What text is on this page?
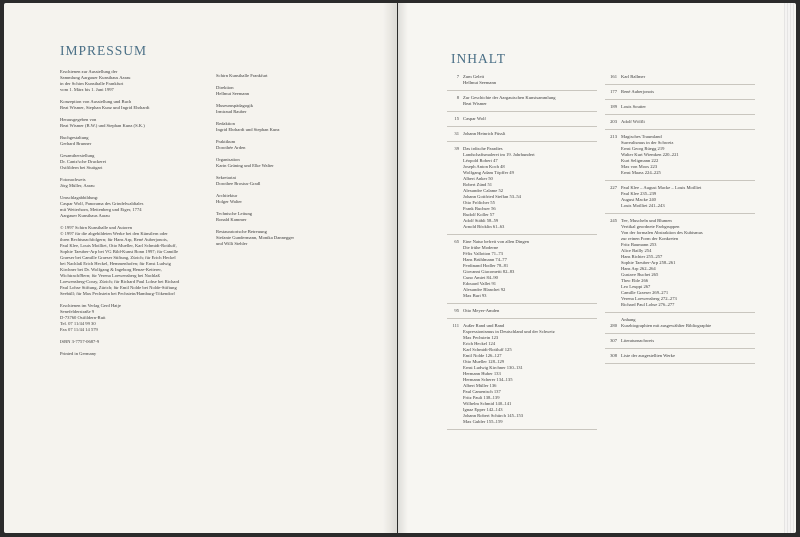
IMPRESSUM
Erschienen zur Ausstellung der
Sammlung Aargauer Kunsthaus Aarau
in der Schirn Kunsthalle Frankfurt
vom 1. März bis 1. Juni 1997
Konzeption von Ausstellung und Buch
Beat Wismer, Stephan Kunz und Ingrid Ehrhardt
Herausgegeben von
Beat Wismer (B.W.) und Stephan Kunz (S.K.)
Buchgestaltung
Gerhard Brunner
Gesamtherstellung
Dr. Cantz'sche Druckerei
Ostfildern bei Stuttgart
Fotonachweis
Jörg Müller, Aarau
Umschlagabbildung:
Caspar Wolf, Panorama des Grindelwaldtales
mit Wetterhorn, Mettenberg und Eiger, 1774
Aargauer Kunsthaus Aarau
© 1997 Schirn Kunsthalle und Autoren
© 1997 für die abgebildeten Werke bei den Künstlern oder
ihren Rechtsnachfolgern; für Hans Arp, René Auberjonois,
Paul Klee, Louis Moilliet, Otto Mueller, Karl Schmidt-Rottluff,
Sophie Taeuber-Arp bei VG Bild-Kunst Bonn 1997; für Camille
Graeser bei Camille Graeser Stiftung, Zürich; für Erich Heckel
bei Nachlaß Erich Heckel, Hemmenhofen; für Ernst Ludwig
Kirchner bei Dr. Wolfgang & Ingeborg Henze-Ketterer,
Wichtrach/Bern; für Verena Loewensberg bei Nachlaß
Loewensberg-Coray, Zürich; für Richard Paul Lohse bei Richard
Paul Lohse Stiftung, Zürich; für Emil Nolde bei Nolde-Stiftung
Seebüll; für Max Pechstein bei Pechstein/Hamburg-Tökendorf
Erschienen im Verlag Gerd Hatje
Senefelderstraße 9
D-73760 Ostfildern-Ruit
Tel. 07 11/44 99 30
Fax 07 11/44 14 579
ISBN 3-7757-0687-9
Printed in Germany
Schirn Kunsthalle Frankfurt
Direktion
Hellmut Seemann
Museumspädagogik
Irmtraud Rauber
Redaktion
Ingrid Ehrhardt und Stephan Kunz
Praktikum
Dorothée Arden
Organisation
Karin Grüning und Elke Walter
Sekretariat
Dorothee Brosius-Gradl
Architektur
Holger Walter
Technische Leitung
Ronald Kammer
Restauratorische Betreuung
Stefanie Gundermann, Monika Dannegger
und Willi Stehler
INHALT
7 Zum Geleit
Hellmut Seemann
8 Zur Geschichte der Aargauischen Kunstsammlung
Beat Wismer
15 Caspar Wolf
31 Johann Heinrich Füssli
39 Das irdische Paradies
Landschaftsmalerei im 19. Jahrhundert
Léopold Robert 47
Joseph Anton Koch 48
Wolfgang Adam Töpffer 49
Albert Anker 50
Robert Zünd 51
Alexandre Calame 52
Johann Gottfried Steffan 53–54
Otto Frölicher 55
Frank Buchser 56
Rudolf Koller 57
Adolf Stäbli 58–59
Arnold Böcklin 61–63
65 Eine Natur befreit von allen Dingen
Die frühe Moderne
Félix Vallotton 71–73
Hans Brühlmann 74–77
Ferdinand Hodler 78–81
Giovanni Giacometti 82–83
Cuno Amiet 84–90
Edouard Vallet 91
Alexandre Blanchet 92
Max Buri 93
95 Otto Meyer-Amden
111 Außer Rand und Band
Expressionismus in Deutschland und der Schweiz
Max Pechstein 123
Erich Heckel 124
Karl Schmidt-Rottluff 125
Emil Nolde 126–127
Otto Mueller 128–129
Ernst Ludwig Kirchner 130–131
Hermann Huber 133
Hermann Scherer 134–135
Albert Müller 136
Paul Camenisch 137
Fritz Pauli 138–139
Wilhelm Schmid 140–141
Ignaz Epper 142–143
Johann Robert Schürch 145–153
Max Gubler 155–159
161 Karl Ballmer
177 René Auberjonois
189 Louis Soutter
203 Adolf Wölfli
213 Magisches Traumland
Surrealismus in der Schweiz
Ernst Georg Rüegg 219
Walter Kurt Wiemken 220–221
Kurt Seligmann 222
Max von Moos 223
Ernst Maass 224–225
227 Paul Klee – August Macke – Louis Moilliet
Paul Klee 235–239
August Macke 240
Louis Moilliet 241–243
245 Tee, Muscheln und Blumen
Vertikal geordnete Farbgruppen
Von der formalen Abstraktion des Kubismus
zur reinen Form der Konkreten
Fritz Baumann 253
Alice Bailly 254
Hans Richter 255–257
Sophie Taeuber-Arp 258–261
Hans Arp 262–264
Gustave Buchet 265
Theo Eble 266
Leo Leuppi 267
Camille Graeser 269–271
Verena Loewensberg 272–273
Richard Paul Lohse 276–277
Anhang
280 Kurzbiographien mit ausgewählter Bibliographie
307 Literaturnachweis
308 Liste der ausgestellten Werke
